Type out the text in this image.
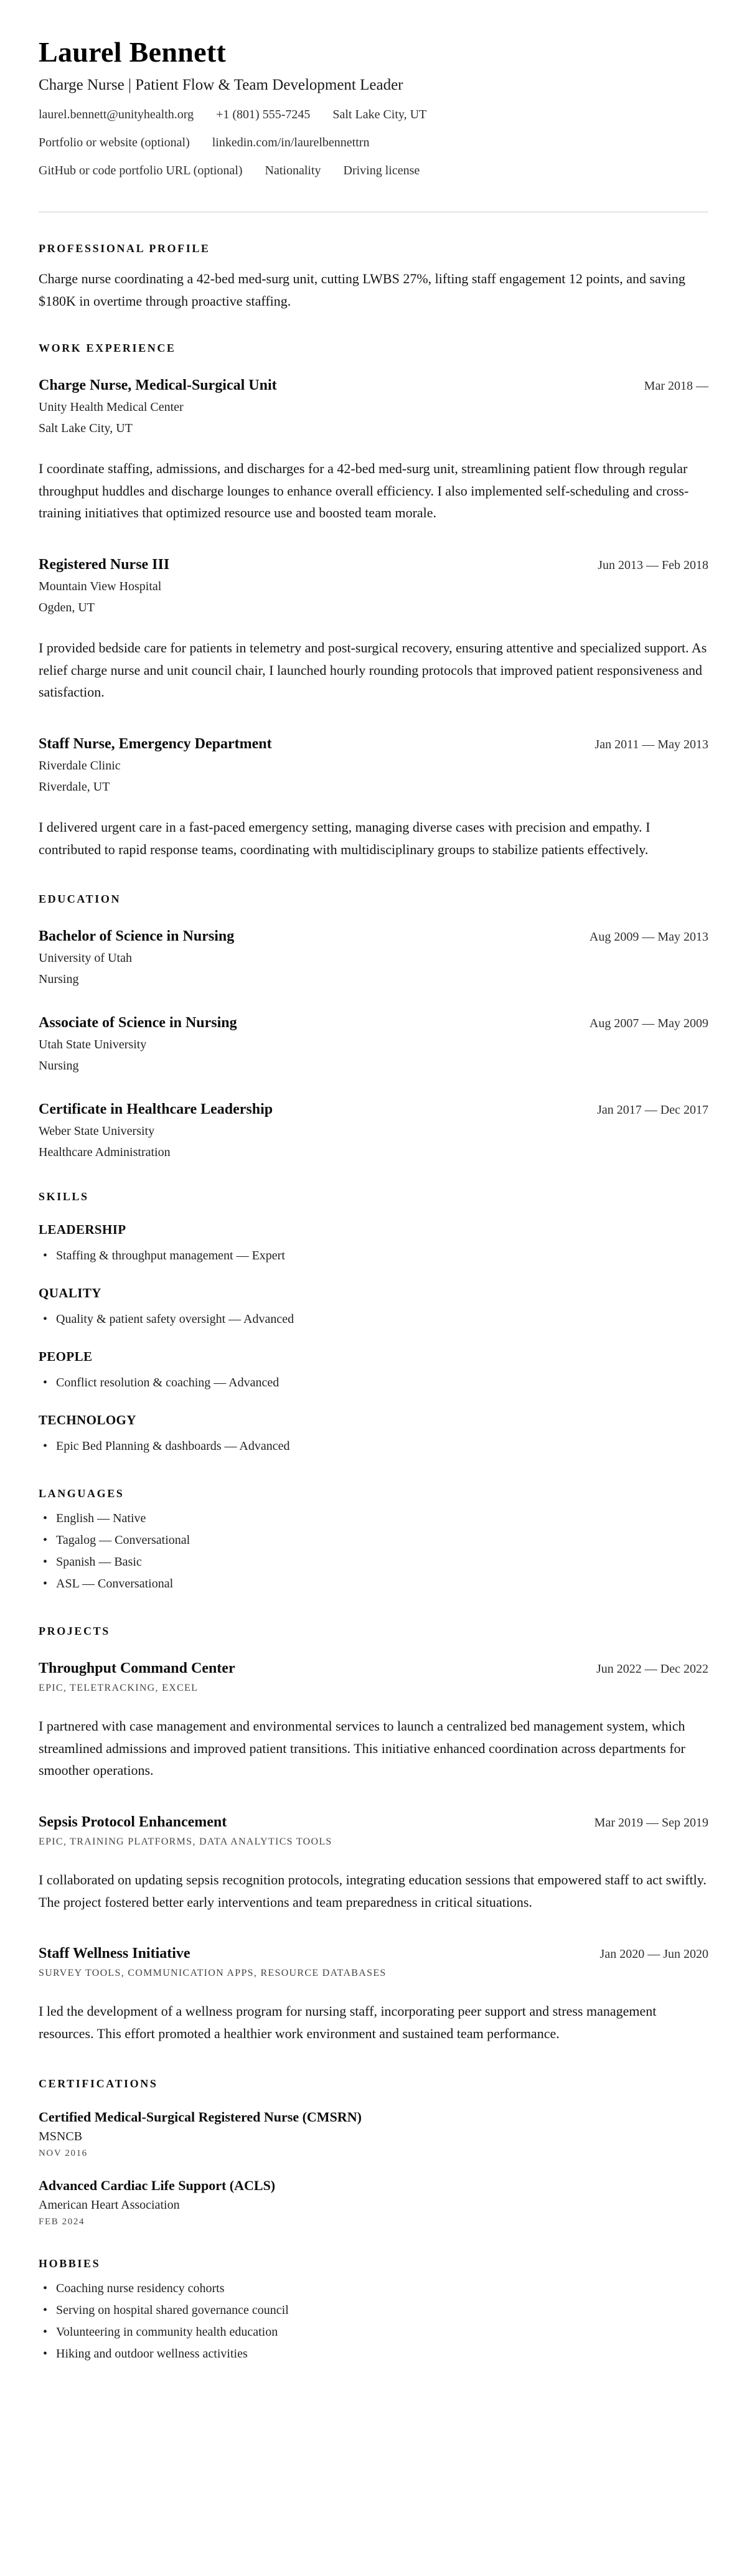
Laurel Bennett
Charge Nurse | Patient Flow & Team Development Leader
laurel.bennett@unityhealth.org +1 (801) 555-7245 Salt Lake City, UT
Portfolio or website (optional) linkedin.com/in/laurelbennettrn
GitHub or code portfolio URL (optional) Nationality Driving license
PROFESSIONAL PROFILE

Charge nurse coordinating a 42-bed med-surg unit, cutting LWBS 27%, lifting staff engagement 12 points, and saving $180K in overtime through proactive staffing.

WORK EXPERIENCE
Charge Nurse, Medical-Surgical Unit	Mar 2018 —
Unity Health Medical Center
Salt Lake City, UT

I coordinate staffing, admissions, and discharges for a 42-bed med-surg unit, streamlining patient flow through regular throughput huddles and discharge lounges to enhance overall efficiency. I also implemented self-scheduling and cross-training initiatives that optimized resource use and boosted team morale.

Registered Nurse III	Jun 2013 — Feb 2018
Mountain View Hospital
Ogden, UT

I provided bedside care for patients in telemetry and post-surgical recovery, ensuring attentive and specialized support. As relief charge nurse and unit council chair, I launched hourly rounding protocols that improved patient responsiveness and satisfaction.

Staff Nurse, Emergency Department	Jan 2011 — May 2013
Riverdale Clinic
Riverdale, UT

I delivered urgent care in a fast-paced emergency setting, managing diverse cases with precision and empathy. I contributed to rapid response teams, coordinating with multidisciplinary groups to stabilize patients effectively.

EDUCATION
Bachelor of Science in Nursing	Aug 2009 — May 2013
University of Utah
Nursing
Associate of Science in Nursing	Aug 2007 — May 2009
Utah State University
Nursing
Certificate in Healthcare Leadership	Jan 2017 — Dec 2017
Weber State University
Healthcare Administration
SKILLS
LEADERSHIP
• Staffing & throughput management — Expert
QUALITY
• Quality & patient safety oversight — Advanced
PEOPLE
• Conflict resolution & coaching — Advanced
TECHNOLOGY
• Epic Bed Planning & dashboards — Advanced
LANGUAGES
• English — Native
• Tagalog — Conversational
• Spanish — Basic
• ASL — Conversational
PROJECTS
Throughput Command Center	Jun 2022 — Dec 2022
EPIC, TELETRACKING, EXCEL

I partnered with case management and environmental services to launch a centralized bed management system, which streamlined admissions and improved patient transitions. This initiative enhanced coordination across departments for smoother operations.

Sepsis Protocol Enhancement	Mar 2019 — Sep 2019
EPIC, TRAINING PLATFORMS, DATA ANALYTICS TOOLS

I collaborated on updating sepsis recognition protocols, integrating education sessions that empowered staff to act swiftly. The project fostered better early interventions and team preparedness in critical situations.

Staff Wellness Initiative	Jan 2020 — Jun 2020
SURVEY TOOLS, COMMUNICATION APPS, RESOURCE DATABASES

I led the development of a wellness program for nursing staff, incorporating peer support and stress management resources. This effort promoted a healthier work environment and sustained team performance.

CERTIFICATIONS
Certified Medical-Surgical Registered Nurse (CMSRN)
MSNCB
NOV 2016
Advanced Cardiac Life Support (ACLS)
American Heart Association
FEB 2024
HOBBIES
• Coaching nurse residency cohorts
• Serving on hospital shared governance council
• Volunteering in community health education
• Hiking and outdoor wellness activities
